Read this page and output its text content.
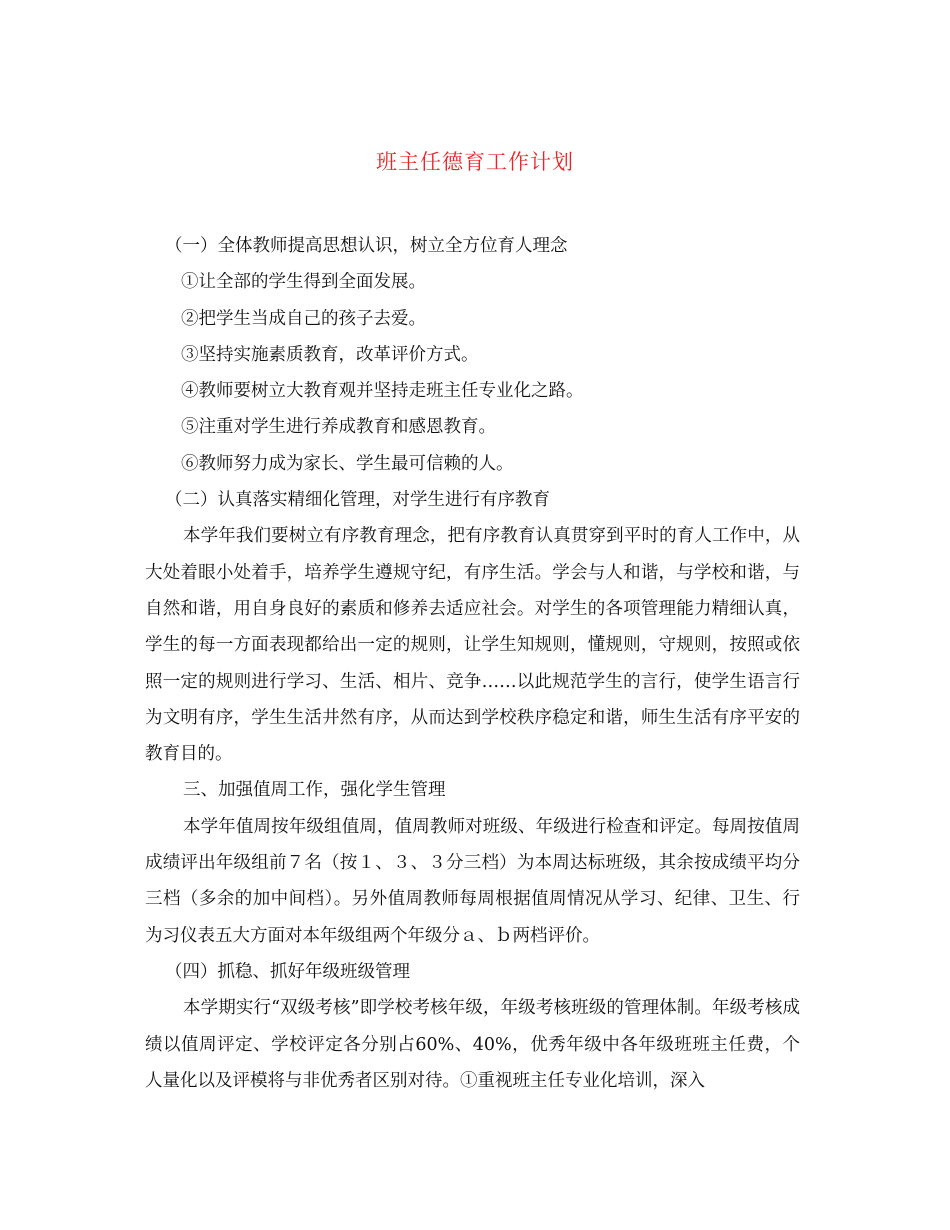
班主任德育工作计划

（一）全体教师提高思想认识，树立全方位育人理念

①让全部的学生得到全面发展。

②把学生当成自己的孩子去爱。

③坚持实施素质教育，改革评价方式。

④教师要树立大教育观并坚持走班主任专业化之路。

⑤注重对学生进行养成教育和感恩教育。

⑥教师努力成为家长、学生最可信赖的人。

（二）认真落实精细化管理，对学生进行有序教育

本学年我们要树立有序教育理念，把有序教育认真贯穿到平时的育人工作中，从大处着眼小处着手，培养学生遵规守纪，有序生活。学会与人和谐，与学校和谐，与自然和谐，用自身良好的素质和修养去适应社会。对学生的各项管理能力精细认真，学生的每一方面表现都给出一定的规则，让学生知规则，懂规则，守规则，按照或依照一定的规则进行学习、生活、相片、竞争……以此规范学生的言行，使学生语言行为文明有序，学生生活井然有序，从而达到学校秩序稳定和谐，师生生活有序平安的教育目的。

三、加强值周工作，强化学生管理

本学年值周按年级组值周，值周教师对班级、年级进行检查和评定。每周按值周成绩评出年级组前７名（按１、３、３分三档）为本周达标班级，其余按成绩平均分三档（多余的加中间档）。另外值周教师每周根据值周情况从学习、纪律、卫生、行为习仪表五大方面对本年级组两个年级分ａ、ｂ两档评价。

（四）抓稳、抓好年级班级管理

本学期实行“双级考核”即学校考核年级，年级考核班级的管理体制。年级考核成绩以值周评定、学校评定各分别占60%、40%，优秀年级中各年级班班主任费，个人量化以及评模将与非优秀者区别对待。①重视班主任专业化培训，深入
